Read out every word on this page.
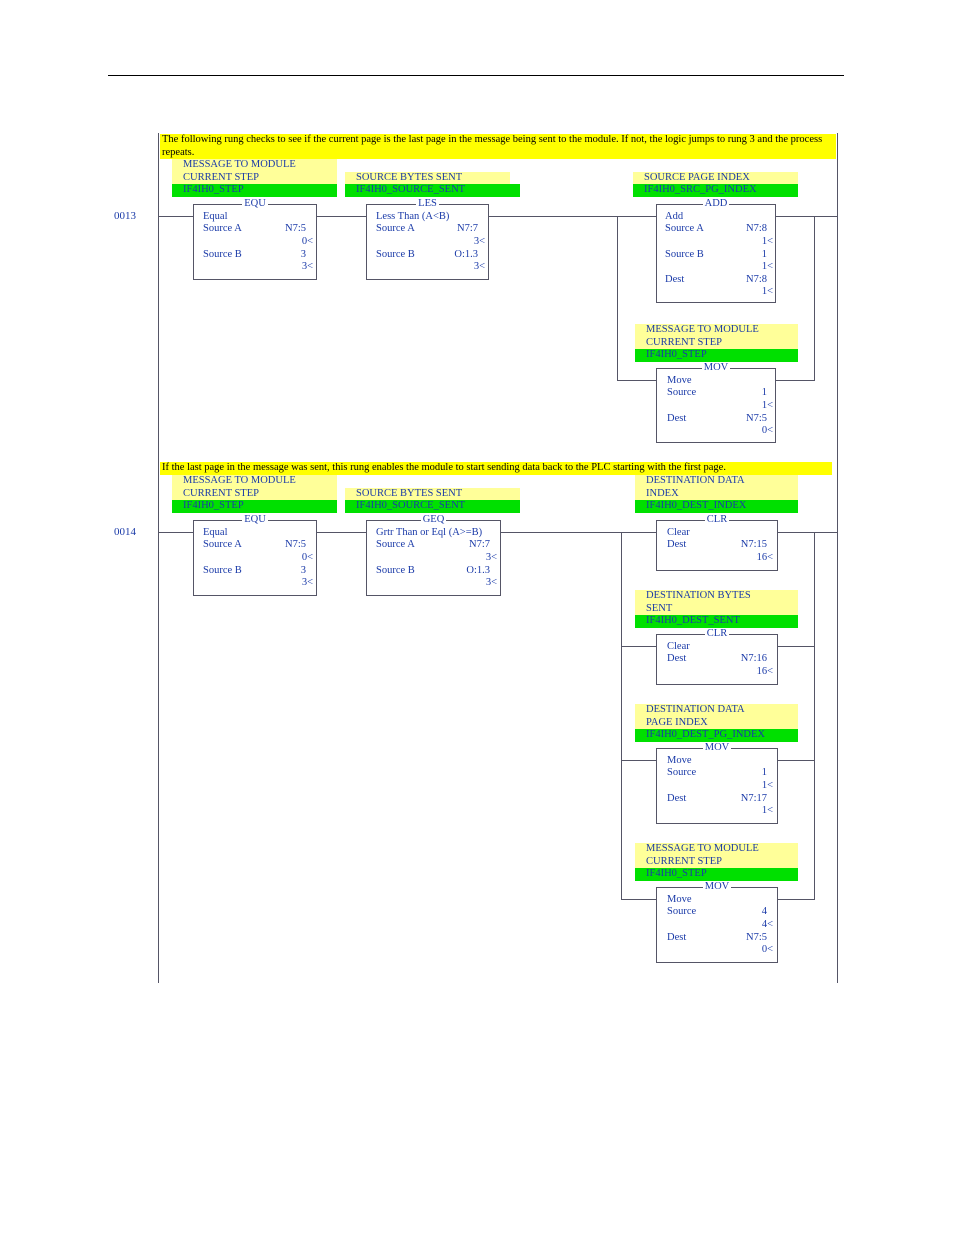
The following rung checks to see if the current page is the last page in the message being sent to the module. If not, the logic jumps to rung 3 and the process repeats.
0013
MESSAGE TO MODULE
CURRENT STEP
IF4IH0_STEP
EQU
Equal
Source A	N7:5
0<
Source B	3
3<
SOURCE BYTES SENT
IF4IH0_SOURCE_SENT
LES
Less Than (A<B)
Source A	N7:7
3<
Source B	O:1.3
3<
SOURCE PAGE INDEX
IF4IH0_SRC_PG_INDEX
ADD
Add
Source A	N7:8
1<
Source B	1
1<
Dest	N7:8
1<
MESSAGE TO MODULE
CURRENT STEP
IF4IH0_STEP
MOV
Move
Source	1
1<
Dest	N7:5
0<
If the last page in the message was sent, this rung enables the module to start sending data back to the PLC starting with the first page.
0014
MESSAGE TO MODULE
CURRENT STEP
IF4IH0_STEP
EQU
Equal
Source A	N7:5
0<
Source B	3
3<
SOURCE BYTES SENT
IF4IH0_SOURCE_SENT
GEQ
Grtr Than or Eql (A>=B)
Source A	N7:7
3<
Source B	O:1.3
3<
DESTINATION DATA
INDEX
IF4IH0_DEST_INDEX
CLR
Clear
Dest	N7:15
16<
DESTINATION BYTES
SENT
IF4IH0_DEST_SENT
CLR
Clear
Dest	N7:16
16<
DESTINATION DATA
PAGE INDEX
IF4IH0_DEST_PG_INDEX
MOV
Move
Source	1
1<
Dest	N7:17
1<
MESSAGE TO MODULE
CURRENT STEP
IF4IH0_STEP
MOV
Move
Source	4
4<
Dest	N7:5
0<
